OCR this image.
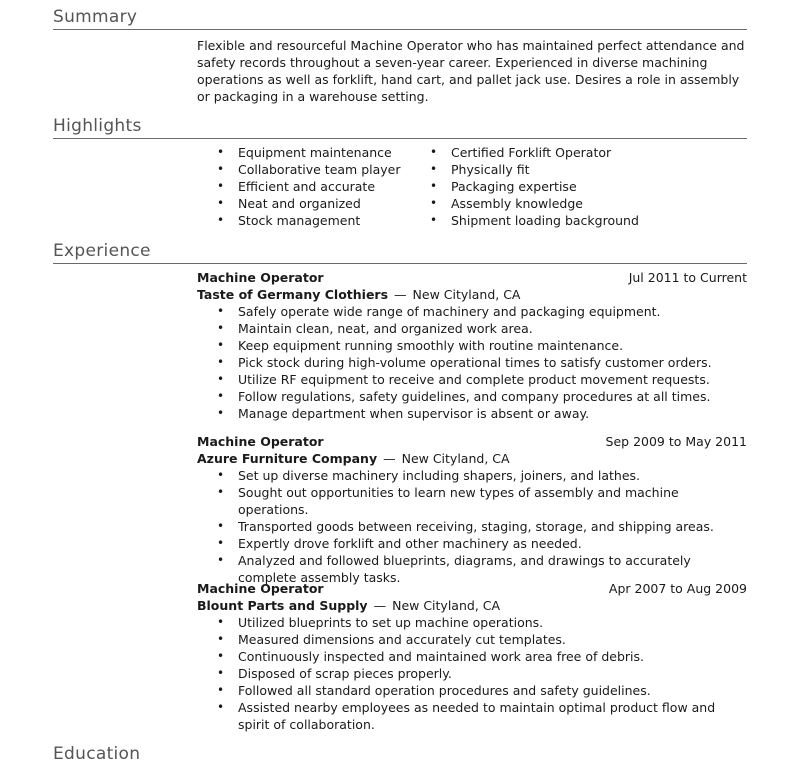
Summary
Flexible and resourceful Machine Operator who has maintained perfect attendance and safety records throughout a seven-year career. Experienced in diverse machining operations as well as forklift, hand cart, and pallet jack use. Desires a role in assembly or packaging in a warehouse setting.
Highlights
• Equipment maintenance
• Collaborative team player
• Efficient and accurate
• Neat and organized
• Stock management
• Certified Forklift Operator
• Physically fit
• Packaging expertise
• Assembly knowledge
• Shipment loading background
Experience
Machine Operator	Jul 2011 to Current
Taste of Germany Clothiers — New Cityland, CA
• Safely operate wide range of machinery and packaging equipment.
• Maintain clean, neat, and organized work area.
• Keep equipment running smoothly with routine maintenance.
• Pick stock during high-volume operational times to satisfy customer orders.
• Utilize RF equipment to receive and complete product movement requests.
• Follow regulations, safety guidelines, and company procedures at all times.
• Manage department when supervisor is absent or away.
Machine Operator	Sep 2009 to May 2011
Azure Furniture Company — New Cityland, CA
• Set up diverse machinery including shapers, joiners, and lathes.
• Sought out opportunities to learn new types of assembly and machine operations.
• Transported goods between receiving, staging, storage, and shipping areas.
• Expertly drove forklift and other machinery as needed.
• Analyzed and followed blueprints, diagrams, and drawings to accurately complete assembly tasks.
Machine Operator	Apr 2007 to Aug 2009
Blount Parts and Supply — New Cityland, CA
• Utilized blueprints to set up machine operations.
• Measured dimensions and accurately cut templates.
• Continuously inspected and maintained work area free of debris.
• Disposed of scrap pieces properly.
• Followed all standard operation procedures and safety guidelines.
• Assisted nearby employees as needed to maintain optimal product flow and spirit of collaboration.
Education
